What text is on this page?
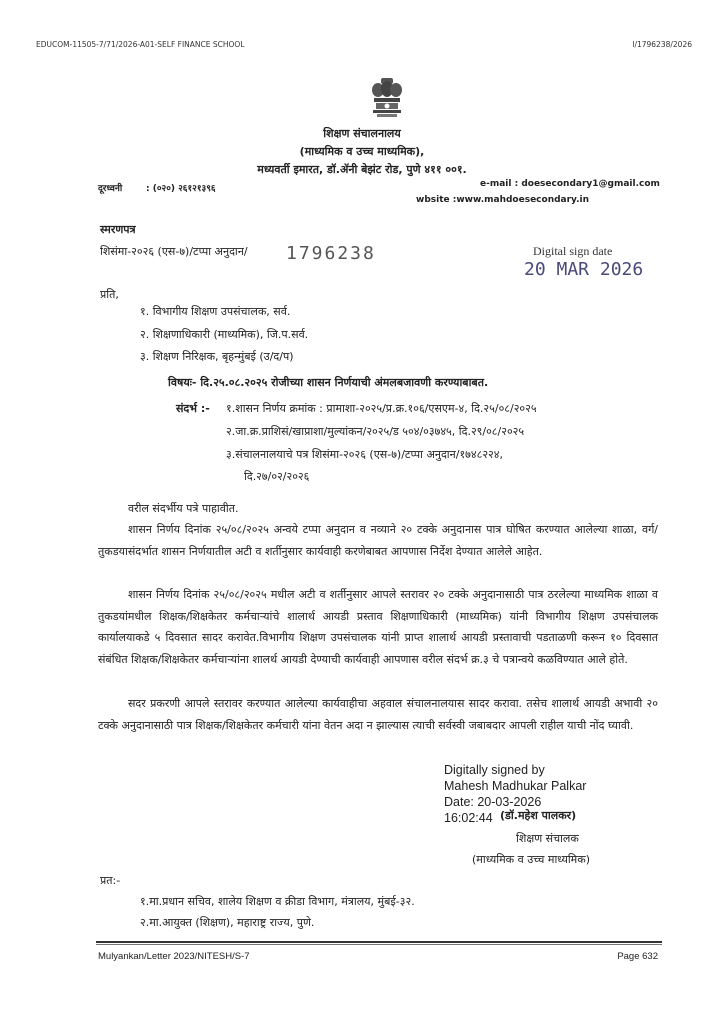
EDUCOM-11505-7/71/2026-A01-SELF FINANCE SCHOOL	I/1796238/2026
शिक्षण संचालनालय
(माध्यमिक व उच्च माध्यमिक),
मध्यवर्ती इमारत, डॉ.ॲनी बेझंट रोड, पुणे ४११ ००१.
दूरध्वनी	: (०२०) २६१२१३९६	e-mail : doesecondary1@gmail.com
wbsite :www.mahdoesecondary.in
स्मरणपत्र
शिसंमा-२०२६ (एस-७)/टप्पा अनुदान/ 1796238	Digital sign date
20 MAR 2026
प्रति,
१. विभागीय शिक्षण उपसंचालक, सर्व.
२. शिक्षणाधिकारी (माध्यमिक), जि.प.सर्व.
३. शिक्षण निरिक्षक, बृहन्मुंबई (उ/द/प)
विषयः- दि.२५.०८.२०२५ रोजीच्या शासन निर्णयाची अंमलबजावणी करण्याबाबत.
संदर्भ :- १.शासन निर्णय क्रमांक : प्रामाशा-२०२५/प्र.क्र.१०६/एसएम-४, दि.२५/०८/२०२५
२.जा.क्र.प्राशिसं/खाप्राशा/मुल्यांकन/२०२५/ड ५०४/०३७४५, दि.२९/०८/२०२५
३.संचालनालयाचे पत्र शिसंमा-२०२६ (एस-७)/टप्पा अनुदान/१७४८२२४,
दि.२७/०२/२०२६
वरील संदर्भीय पत्रे पाहावीत.
शासन निर्णय दिनांक २५/०८/२०२५ अन्वये टप्पा अनुदान व नव्याने २० टक्के अनुदानास पात्र घोषित करण्यात आलेल्या शाळा, वर्ग/तुकडयासंदर्भात शासन निर्णयातील अटी व शर्तीनुसार कार्यवाही करणेबाबत आपणास निर्देश देण्यात आलेले आहेत.
शासन निर्णय दिनांक २५/०८/२०२५ मधील अटी व शर्तीनुसार आपले स्तरावर २० टक्के अनुदानासाठी पात्र ठरलेल्या माध्यमिक शाळा व तुकडयांमधील शिक्षक/शिक्षकेतर कर्मचाऱ्यांचे शालार्थ आयडी प्रस्ताव शिक्षणाधिकारी (माध्यमिक) यांनी विभागीय शिक्षण उपसंचालक कार्यालयाकडे ५ दिवसात सादर करावेत.विभागीय शिक्षण उपसंचालक यांनी प्राप्त शालार्थ आयडी प्रस्तावाची पडताळणी करून १० दिवसात संबंधित शिक्षक/शिक्षकेतर कर्मचाऱ्यांना शालर्थ आयडी देण्याची कार्यवाही आपणास वरील संदर्भ क्र.३ चे पत्रान्वये कळविण्यात आले होते.
सदर प्रकरणी आपले स्तरावर करण्यात आलेल्या कार्यवाहीचा अहवाल संचालनालयास सादर करावा. तसेच शालार्थ आयडी अभावी २० टक्के अनुदानासाठी पात्र शिक्षक/शिक्षकेतर कर्मचारी यांना वेतन अदा न झाल्यास त्याची सर्वस्वी जबाबदार आपली राहील याची नोंद घ्यावी.
Digitally signed by
Mahesh Madhukar Palkar
Date: 20-03-2026
16:02:44 (डॉ.महेश पालकर)
शिक्षण संचालक
(माध्यमिक व उच्च माध्यमिक)
प्रत:-
१.मा.प्रधान सचिव, शालेय शिक्षण व क्रीडा विभाग, मंत्रालय, मुंबई-३२.
२.मा.आयुक्त (शिक्षण), महाराष्ट्र राज्य, पुणे.
Mulyankan/Letter 2023/NITESH/S-7	Page 632
